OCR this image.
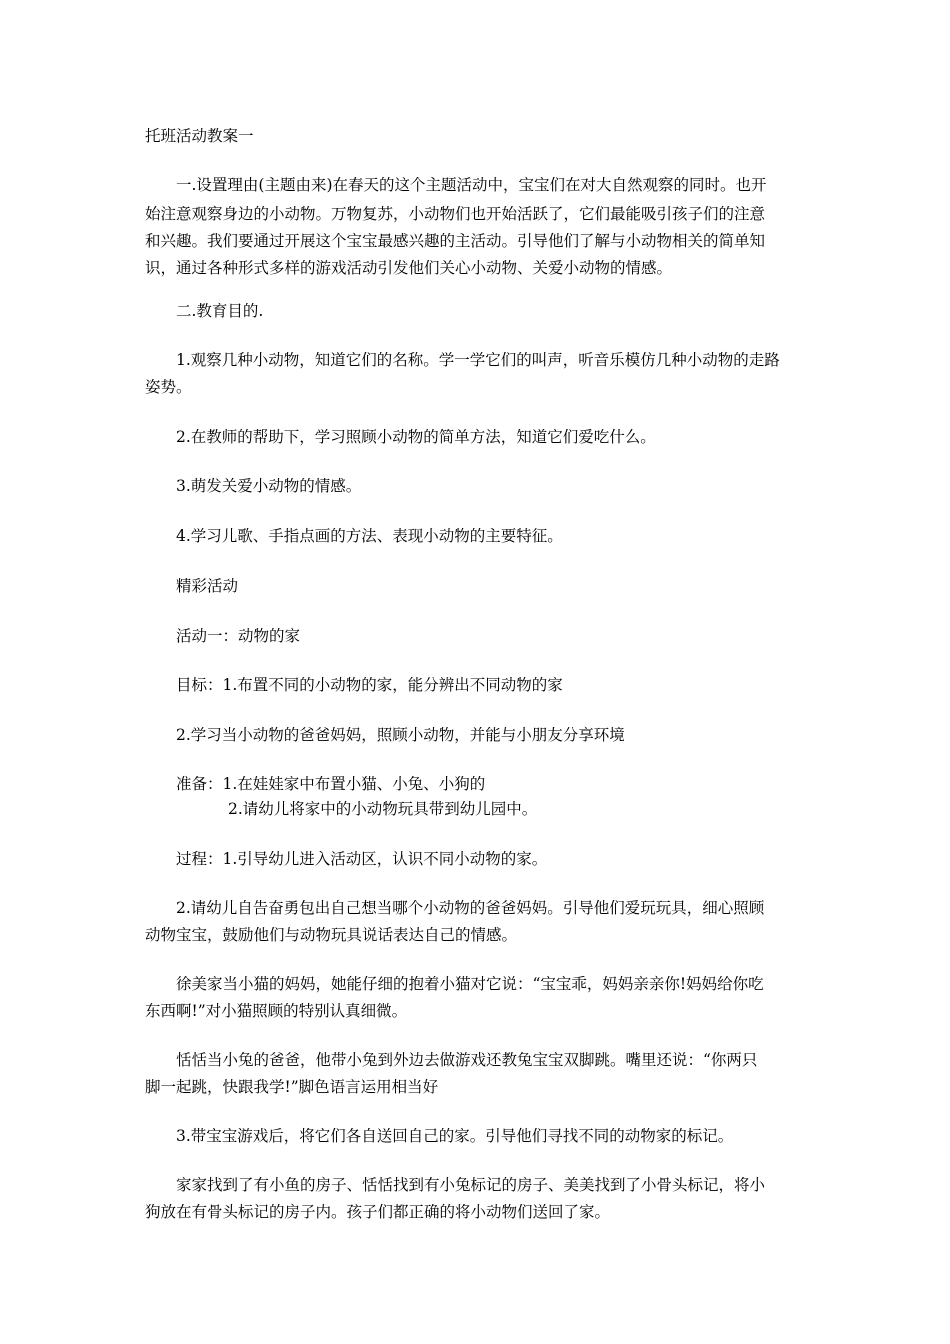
托班活动教案一
一.设置理由(主题由来)在春天的这个主题活动中，宝宝们在对大自然观察的同时。也开
始注意观察身边的小动物。万物复苏，小动物们也开始活跃了，它们最能吸引孩子们的注意
和兴趣。我们要通过开展这个宝宝最感兴趣的主活动。引导他们了解与小动物相关的简单知
识，通过各种形式多样的游戏活动引发他们关心小动物、关爱小动物的情感。
二.教育目的.
1.观察几种小动物，知道它们的名称。学一学它们的叫声，听音乐模仿几种小动物的走路
姿势。
2.在教师的帮助下，学习照顾小动物的简单方法，知道它们爱吃什么。
3.萌发关爱小动物的情感。
4.学习儿歌、手指点画的方法、表现小动物的主要特征。
精彩活动
活动一：动物的家
目标：1.布置不同的小动物的家，能分辨出不同动物的家
2.学习当小动物的爸爸妈妈，照顾小动物，并能与小朋友分享环境
准备：1.在娃娃家中布置小猫、小兔、小狗的
2.请幼儿将家中的小动物玩具带到幼儿园中。
过程：1.引导幼儿进入活动区，认识不同小动物的家。
2.请幼儿自告奋勇包出自己想当哪个小动物的爸爸妈妈。引导他们爱玩玩具，细心照顾
动物宝宝，鼓励他们与动物玩具说话表达自己的情感。
徐美家当小猫的妈妈，她能仔细的抱着小猫对它说：“宝宝乖，妈妈亲亲你!妈妈给你吃
东西啊!”对小猫照顾的特别认真细微。
恬恬当小兔的爸爸，他带小兔到外边去做游戏还教兔宝宝双脚跳。嘴里还说：“你两只
脚一起跳，快跟我学!”脚色语言运用相当好
3.带宝宝游戏后，将它们各自送回自己的家。引导他们寻找不同的动物家的标记。
家家找到了有小鱼的房子、恬恬找到有小兔标记的房子、美美找到了小骨头标记，将小
狗放在有骨头标记的房子内。孩子们都正确的将小动物们送回了家。
